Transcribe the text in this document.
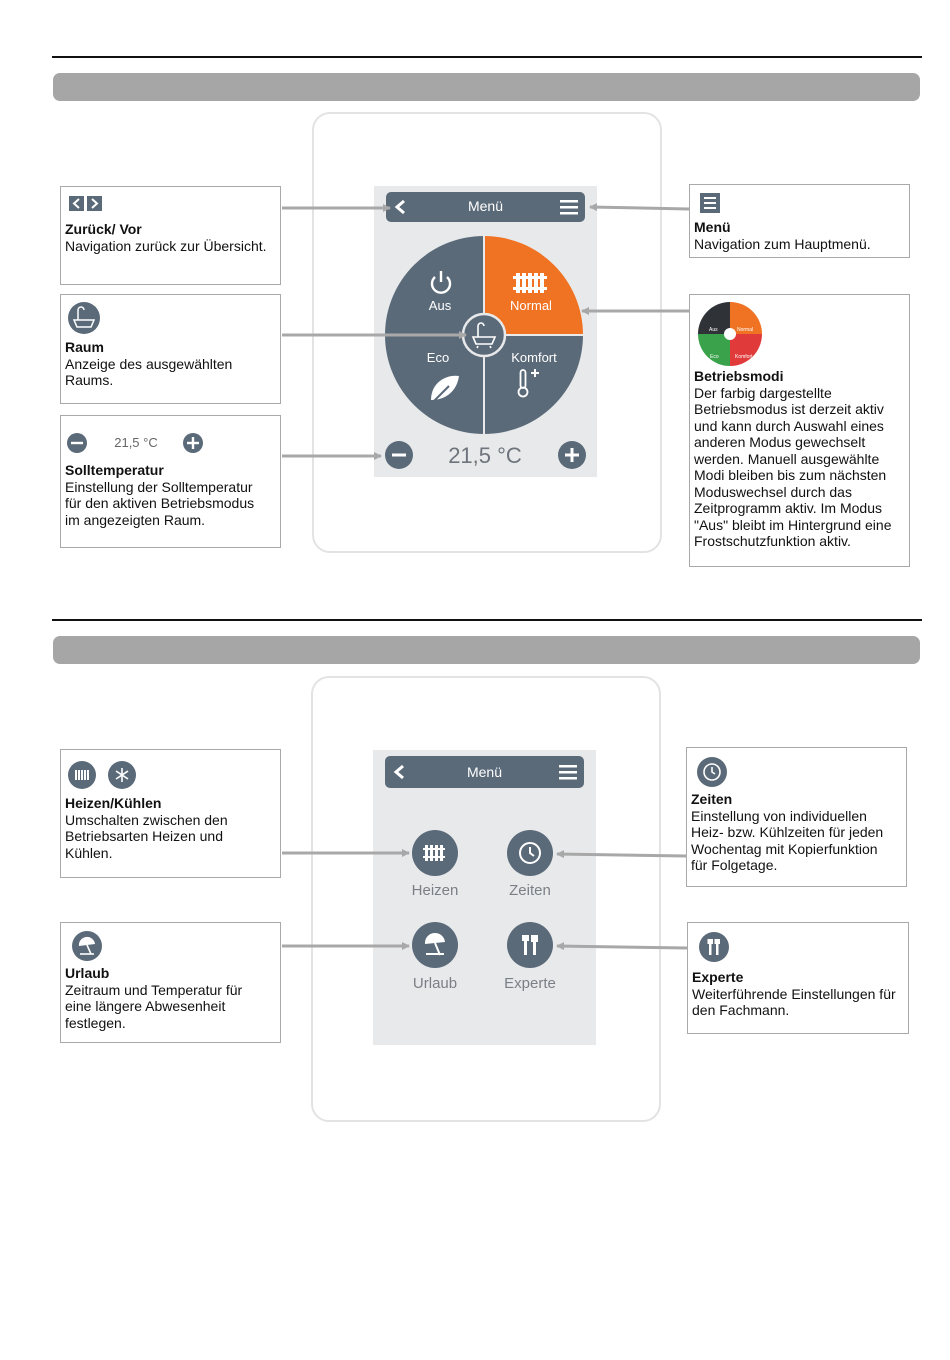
Menü
Aus	Normal
Eco	Komfort
21,5 °C
Zurück/ Vor
Navigation zurück zur Übersicht.
Raum
Anzeige des ausgewählten
Raums.
21,5 °C
Solltemperatur
Einstellung der Solltemperatur
für den aktiven Betriebsmodus
im angezeigten Raum.
Menü
Navigation zum Hauptmenü.
Aus	Normal
Eco	Komfort
Betriebsmodi
Der farbig dargestellte
Betriebsmodus ist derzeit aktiv
und kann durch Auswahl eines
anderen Modus gewechselt
werden. Manuell ausgewählte
Modi bleiben bis zum nächsten
Moduswechsel durch das
Zeitprogramm aktiv. Im Modus
"Aus" bleibt im Hintergrund eine
Frostschutzfunktion aktiv.
Menü
Heizen	Zeiten
Urlaub	Experte
Heizen/Kühlen
Umschalten zwischen den
Betriebsarten Heizen und
Kühlen.
Urlaub
Zeitraum und Temperatur für
eine längere Abwesenheit
festlegen.
Zeiten
Einstellung von individuellen
Heiz- bzw. Kühlzeiten für jeden
Wochentag mit Kopierfunktion
für Folgetage.
Experte
Weiterführende Einstellungen für
den Fachmann.
